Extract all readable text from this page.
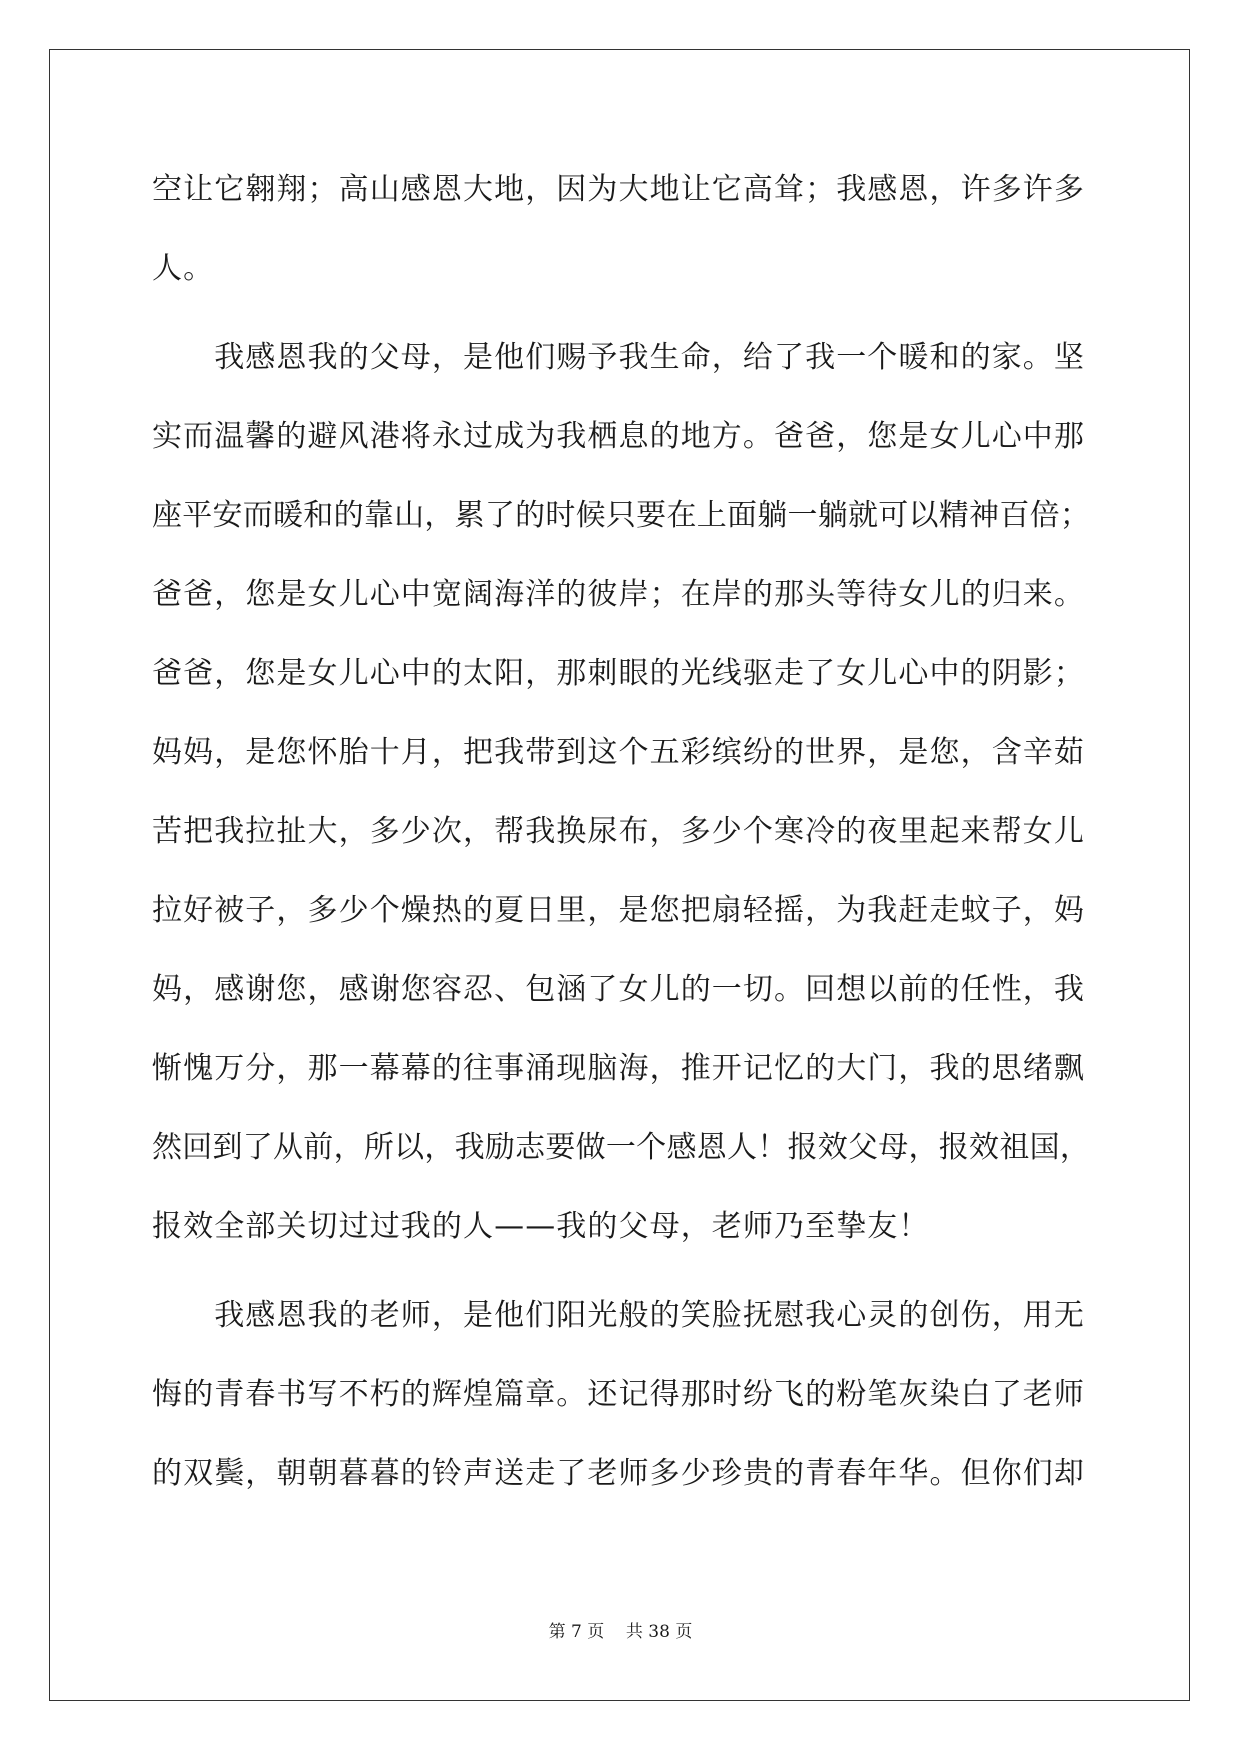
空让它翱翔；高山感恩大地，因为大地让它高耸；我感恩，许多许多

人。

　　我感恩我的父母，是他们赐予我生命，给了我一个暖和的家。坚

实而温馨的避风港将永过成为我栖息的地方。爸爸，您是女儿心中那

座平安而暖和的靠山，累了的时候只要在上面躺一躺就可以精神百倍；

爸爸，您是女儿心中宽阔海洋的彼岸；在岸的那头等待女儿的归来。

爸爸，您是女儿心中的太阳，那刺眼的光线驱走了女儿心中的阴影；

妈妈，是您怀胎十月，把我带到这个五彩缤纷的世界，是您，含辛茹

苦把我拉扯大，多少次，帮我换尿布，多少个寒冷的夜里起来帮女儿

拉好被子，多少个燥热的夏日里，是您把扇轻摇，为我赶走蚊子，妈

妈，感谢您，感谢您容忍、包涵了女儿的一切。回想以前的任性，我

惭愧万分，那一幕幕的往事涌现脑海，推开记忆的大门，我的思绪飘

然回到了从前，所以，我励志要做一个感恩人！报效父母，报效祖国，

报效全部关切过过我的人——我的父母，老师乃至挚友！

　　我感恩我的老师，是他们阳光般的笑脸抚慰我心灵的创伤，用无

悔的青春书写不朽的辉煌篇章。还记得那时纷飞的粉笔灰染白了老师

的双鬓，朝朝暮暮的铃声送走了老师多少珍贵的青春年华。但你们却

第 7 页 共 38 页
